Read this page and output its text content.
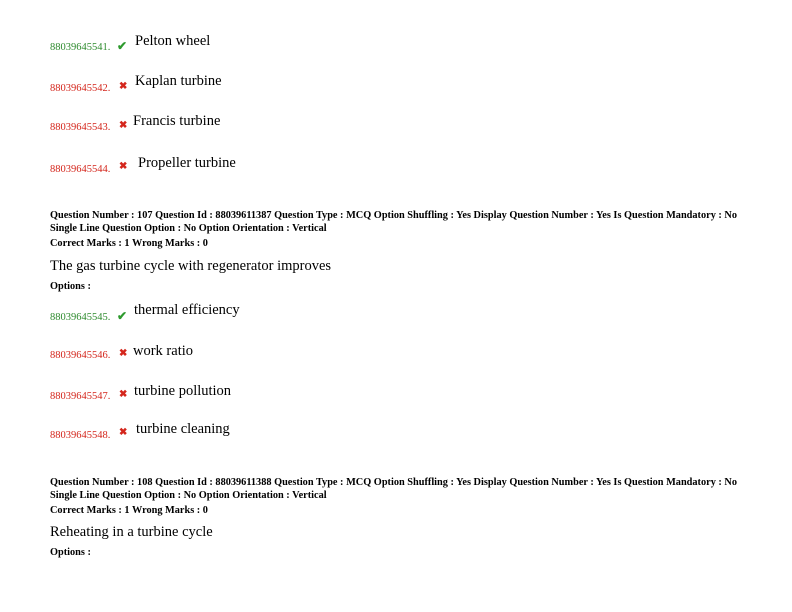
88039645541. ✔ Pelton wheel
88039645542. ✖ Kaplan turbine
88039645543. ✖ Francis turbine
88039645544. ✖ Propeller turbine
Question Number : 107 Question Id : 88039611387 Question Type : MCQ Option Shuffling : Yes Display Question Number : Yes Is Question Mandatory : No Single Line Question Option : No Option Orientation : Vertical
Correct Marks : 1 Wrong Marks : 0
The gas turbine cycle with regenerator improves
Options :
88039645545. ✔ thermal efficiency
88039645546. ✖ work ratio
88039645547. ✖ turbine pollution
88039645548. ✖ turbine cleaning
Question Number : 108 Question Id : 88039611388 Question Type : MCQ Option Shuffling : Yes Display Question Number : Yes Is Question Mandatory : No Single Line Question Option : No Option Orientation : Vertical
Correct Marks : 1 Wrong Marks : 0
Reheating in a turbine cycle
Options :
